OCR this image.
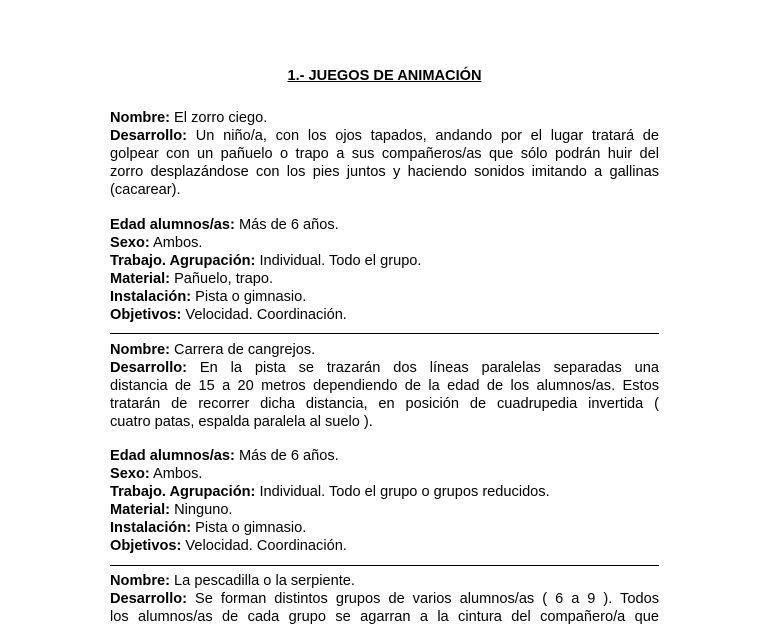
1.- JUEGOS DE ANIMACIÓN

Nombre: El zorro ciego.

Desarrollo: Un niño/a, con los ojos tapados, andando por el lugar tratará de

golpear con un pañuelo o trapo a sus compañeros/as que sólo podrán huir del

zorro desplazándose con los pies juntos y haciendo sonidos imitando a gallinas

(cacarear).

Edad alumnos/as: Más de 6 años.

Sexo: Ambos.

Trabajo. Agrupación: Individual. Todo el grupo.

Material: Pañuelo, trapo.

Instalación: Pista o gimnasio.

Objetivos: Velocidad. Coordinación.

Nombre: Carrera de cangrejos.

Desarrollo: En la pista se trazarán dos líneas paralelas separadas una

distancia de 15 a 20 metros dependiendo de la edad de los alumnos/as. Estos

tratarán de recorrer dicha distancia, en posición de cuadrupedia invertida (

cuatro patas, espalda paralela al suelo ).

Edad alumnos/as: Más de 6 años.

Sexo: Ambos.

Trabajo. Agrupación: Individual. Todo el grupo o grupos reducidos.

Material: Ninguno.

Instalación: Pista o gimnasio.

Objetivos: Velocidad. Coordinación.

Nombre: La pescadilla o la serpiente.

Desarrollo: Se forman distintos grupos de varios alumnos/as ( 6 a 9 ). Todos

los alumnos/as de cada grupo se agarran a la cintura del compañero/a que
